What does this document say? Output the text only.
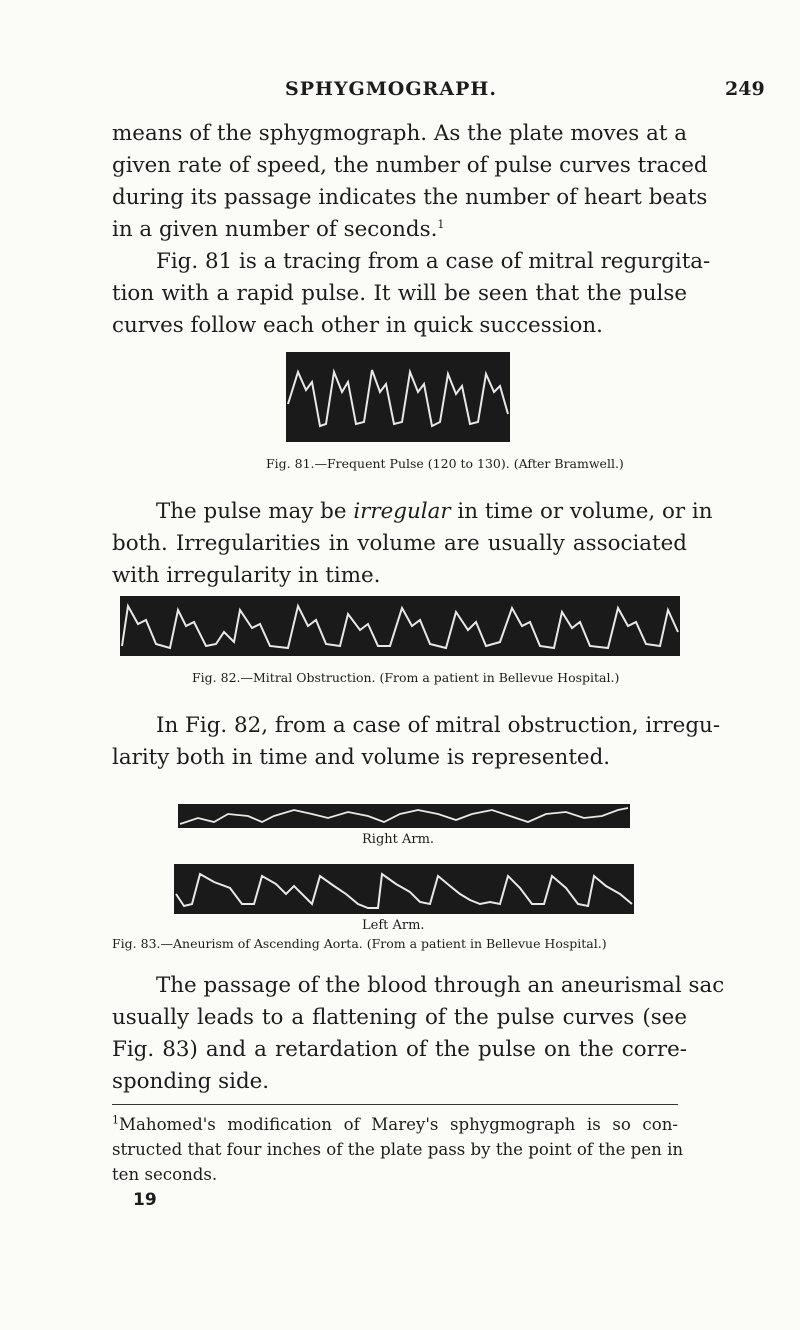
SPHYGMOGRAPH.	249
means of the sphygmograph. As the plate moves at a
given rate of speed, the number of pulse curves traced
during its passage indicates the number of heart beats
in a given number of seconds.$^1$
Fig. 81 is a tracing from a case of mitral regurgita-
tion with a rapid pulse. It will be seen that the pulse
curves follow each other in quick succession.
Fig. 81.—Frequent Pulse (120 to 130). (After Bramwell.)
The pulse may be irregular in time or volume, or in
both. Irregularities in volume are usually associated
with irregularity in time.
Fig. 82.—Mitral Obstruction. (From a patient in Bellevue Hospital.)
In Fig. 82, from a case of mitral obstruction, irregu-
larity both in time and volume is represented.
Right Arm.
Left Arm.
Fig. 83.—Aneurism of Ascending Aorta. (From a patient in Bellevue Hospital.)
The passage of the blood through an aneurismal sac
usually leads to a flattening of the pulse curves (see
Fig. 83) and a retardation of the pulse on the corre-
sponding side.
$^1$Mahomed's modification of Marey's sphygmograph is so con-
structed that four inches of the plate pass by the point of the pen in
ten seconds.
19
